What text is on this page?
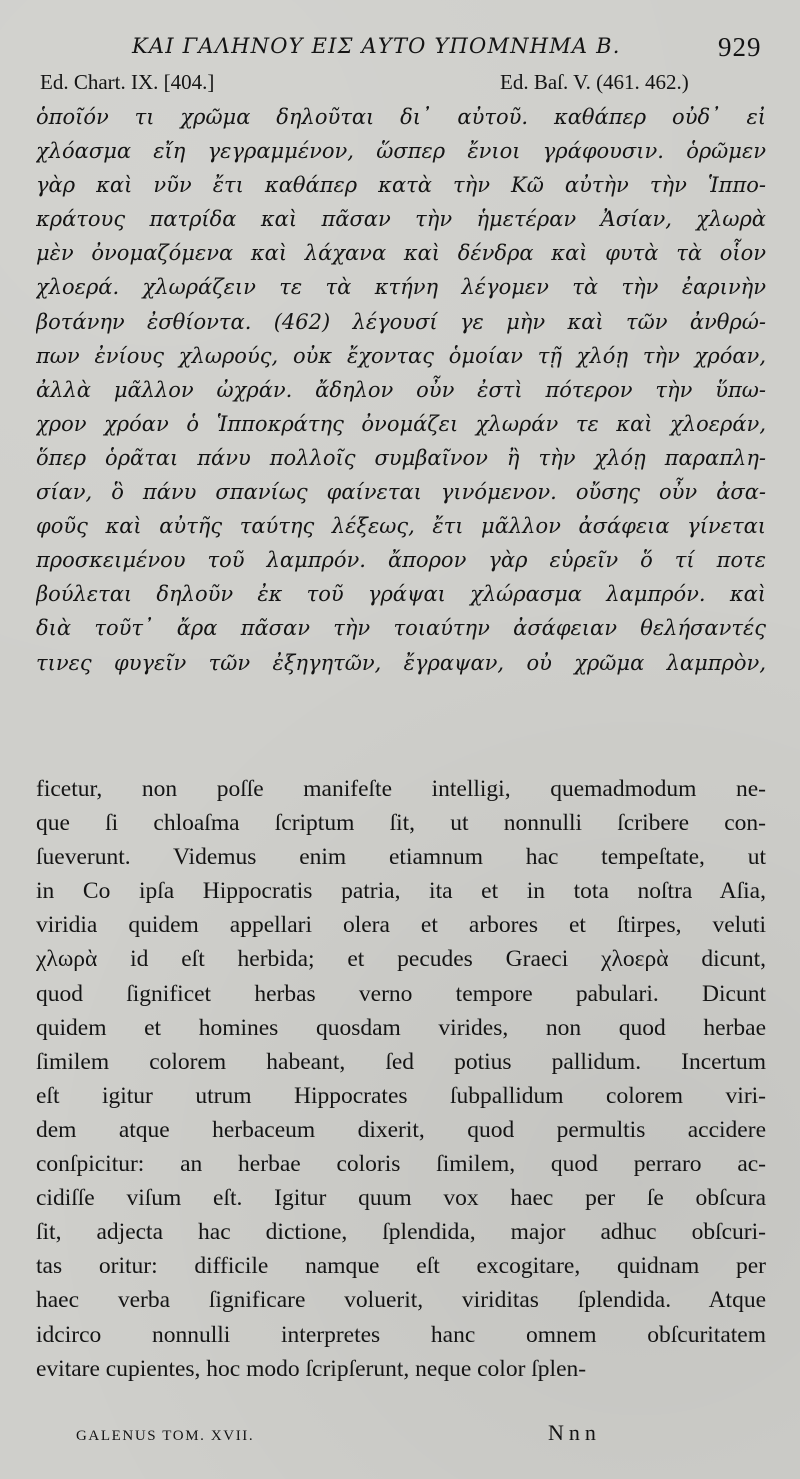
ΚΑΙ ΓΑΛΗΝΟΥ ΕΙΣ ΑΥΤΟ ΥΠΟΜΝΗΜΑ Β.	929
Ed. Chart. IX. [404.]	Ed. Baſ. V. (461. 462.)
ὁποῖόν τι χρῶμα δηλοῦται δι᾽ αὐτοῦ. καθάπερ οὐδ᾽ εἰ
χλόασμα εἴη γεγραμμένον, ὥσπερ ἔνιοι γράφουσιν. ὁρῶμεν
γὰρ καὶ νῦν ἔτι καθάπερ κατὰ τὴν Κῶ αὐτὴν τὴν Ἱππο-
κράτους πατρίδα καὶ πᾶσαν τὴν ἡμετέραν Ἀσίαν, χλωρὰ
μὲν ὀνομαζόμενα καὶ λάχανα καὶ δένδρα καὶ φυτὰ τὰ οἷον
χλοερά. χλωράζειν τε τὰ κτήνη λέγομεν τὰ τὴν ἐαρινὴν
βοτάνην ἐσθίοντα. (462) λέγουσί γε μὴν καὶ τῶν ἀνθρώ-
πων ἐνίους χλωρούς, οὐκ ἔχοντας ὁμοίαν τῇ χλόῃ τὴν χρόαν,
ἀλλὰ μᾶλλον ὠχράν. ἄδηλον οὖν ἐστὶ πότερον τὴν ὕπω-
χρον χρόαν ὁ Ἱπποκράτης ὀνομάζει χλωράν τε καὶ χλοεράν,
ὅπερ ὁρᾶται πάνυ πολλοῖς συμβαῖνον ἢ τὴν χλόῃ παραπλη-
σίαν, ὃ πάνυ σπανίως φαίνεται γινόμενον. οὔσης οὖν ἀσα-
φοῦς καὶ αὐτῆς ταύτης λέξεως, ἔτι μᾶλλον ἀσάφεια γίνεται
προσκειμένου τοῦ λαμπρόν. ἄπορον γὰρ εὑρεῖν ὅ τί ποτε
βούλεται δηλοῦν ἐκ τοῦ γράψαι χλώρασμα λαμπρόν. καὶ
διὰ τοῦτ᾽ ἄρα πᾶσαν τὴν τοιαύτην ἀσάφειαν θελήσαντές
τινες φυγεῖν τῶν ἐξηγητῶν, ἔγραψαν, οὐ χρῶμα λαμπρὸν,
ficetur, non poſſe manifeſte intelligi, quemadmodum ne-
que ſi chloaſma ſcriptum ſit, ut nonnulli ſcribere con-
ſueverunt. Videmus enim etiamnum hac tempeſtate, ut
in Co ipſa Hippocratis patria, ita et in tota noſtra Aſia,
viridia quidem appellari olera et arbores et ſtirpes, veluti
χλωρὰ id eſt herbida; et pecudes Graeci χλοερὰ dicunt,
quod ſignificet herbas verno tempore pabulari. Dicunt
quidem et homines quosdam virides, non quod herbae
ſimilem colorem habeant, ſed potius pallidum. Incertum
eſt igitur utrum Hippocrates ſubpallidum colorem viri-
dem atque herbaceum dixerit, quod permultis accidere
conſpicitur: an herbae coloris ſimilem, quod perraro ac-
cidiſſe viſum eſt. Igitur quum vox haec per ſe obſcura
ſit, adjecta hac dictione, ſplendida, major adhuc obſcuri-
tas oritur: difficile namque eſt excogitare, quidnam per
haec verba ſignificare voluerit, viriditas ſplendida. Atque
idcirco nonnulli interpretes hanc omnem obſcuritatem
evitare cupientes, hoc modo ſcripſerunt, neque color ſplen-
GALENUS TOM. XVII.	Nnn
